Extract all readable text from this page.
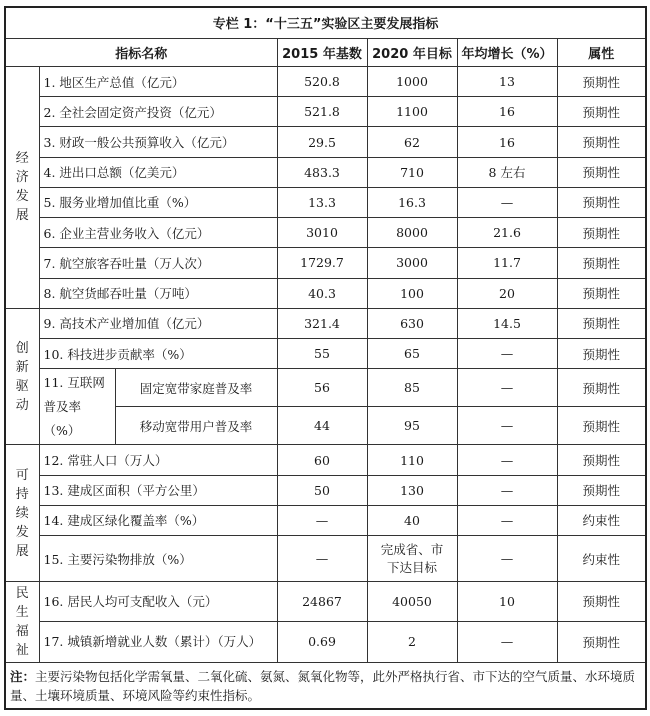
专栏 1：“十三五”实验区主要发展指标						
指标名称			2015 年基数	2020 年目标	年均增长（%）	属性

经济发展	1. 地区生产总值（亿元）		520.8	1000	13	预期性
	2. 全社会固定资产投资（亿元）		521.8	1100	16	预期性
	3. 财政一般公共预算收入（亿元）		29.5	62	16	预期性
	4. 进出口总额（亿美元）		483.3	710	8 左右	预期性
	5. 服务业增加值比重（%）		13.3	16.3	—	预期性
	6. 企业主营业务收入（亿元）		3010	8000	21.6	预期性
	7. 航空旅客吞吐量（万人次）		1729.7	3000	11.7	预期性
	8. 航空货邮吞吐量（万吨）		40.3	100	20	预期性

创新驱动	9. 高技术产业增加值（亿元）		321.4	630	14.5	预期性
	10. 科技进步贡献率（%）		55	65	—	预期性
	11. 互联网普及率（%）	固定宽带家庭普及率	56	85	—	预期性
		移动宽带用户普及率	44	95	—	预期性

可持续发展	12. 常驻人口（万人）		60	110	—	预期性
	13. 建成区面积（平方公里）		50	130	—	预期性
	14. 建成区绿化覆盖率（%）		—	40	—	约束性
	15. 主要污染物排放（%）		—	完成省、市下达目标	—	约束性

民生福祉	16. 居民人均可支配收入（元）		24867	40050	10	预期性
	17. 城镇新增就业人数（累计）（万人）		0.69	2	—	预期性
注：主要污染物包括化学需氧量、二氧化硫、氨氮、氮氧化物等，此外严格执行省、市下达的空气质量、水环境质量、土壤环境质量、环境风险等约束性指标。						
